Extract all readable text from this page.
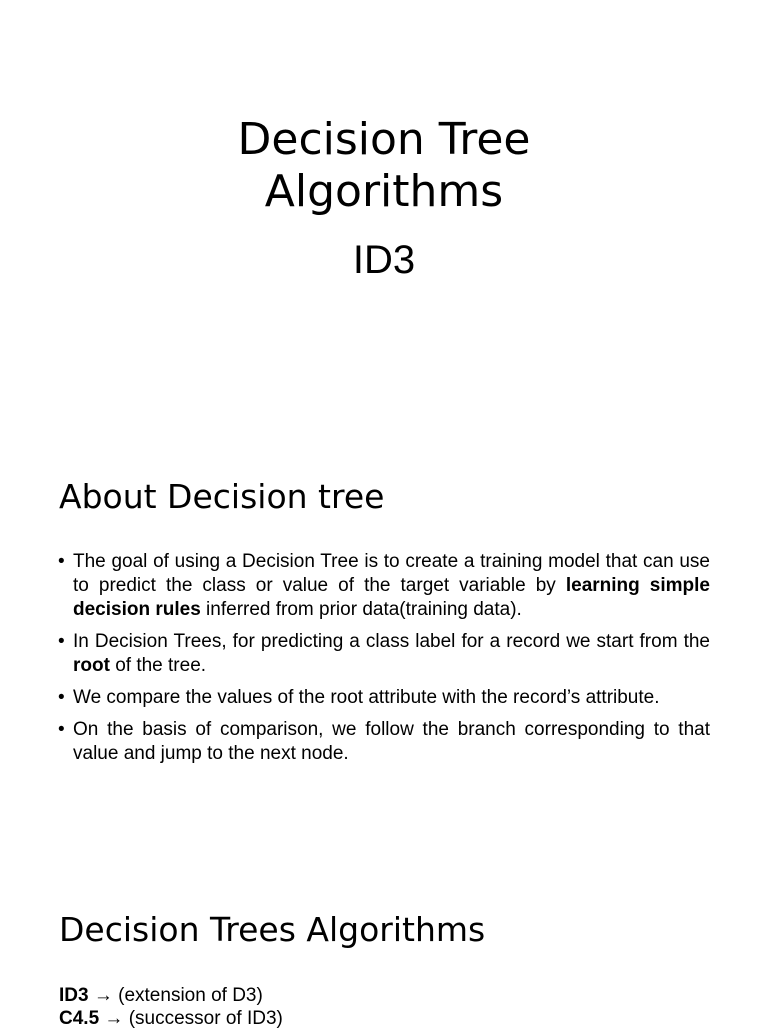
Decision Tree
Algorithms
ID3
About Decision tree
• The goal of using a Decision Tree is to create a training model that can use to predict the class or value of the target variable by learning simple decision rules inferred from prior data(training data).
• In Decision Trees, for predicting a class label for a record we start from the root of the tree.
• We compare the values of the root attribute with the record’s attribute.
• On the basis of comparison, we follow the branch corresponding to that value and jump to the next node.
Decision Trees Algorithms
ID3 → (extension of D3)
C4.5 → (successor of ID3)
